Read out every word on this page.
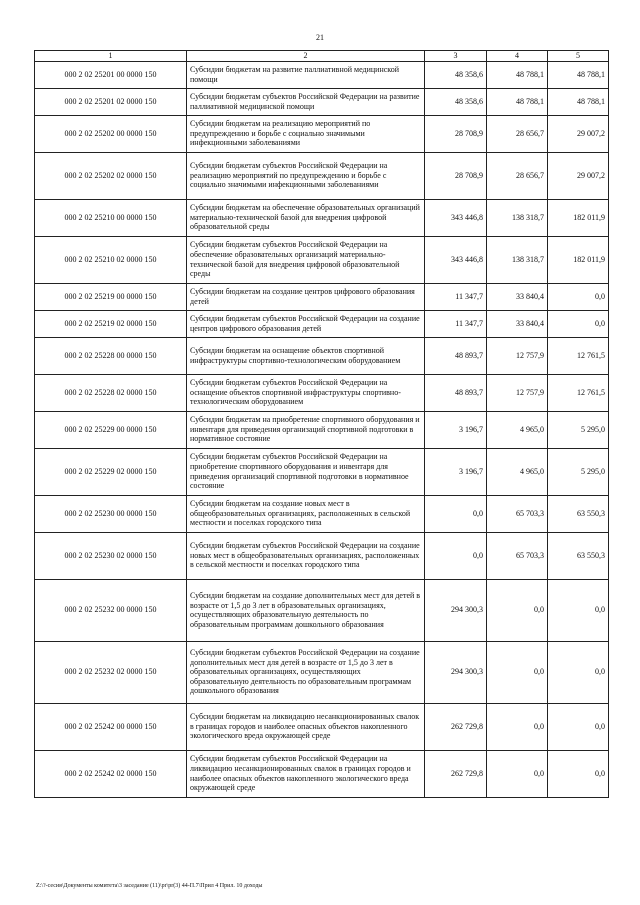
21
1	2	3	4	5
000 2 02 25201 00 0000 150	Субсидии бюджетам на развитие паллиативной медицинской помощи	48 358,6	48 788,1	48 788,1
000 2 02 25201 02 0000 150	Субсидии бюджетам субъектов Российской Федерации на развитие паллиативной медицинской помощи	48 358,6	48 788,1	48 788,1
000 2 02 25202 00 0000 150	Субсидии бюджетам на реализацию мероприятий по предупреждению и борьбе с социально значимыми инфекционными заболеваниями	28 708,9	28 656,7	29 007,2
000 2 02 25202 02 0000 150	Субсидии бюджетам субъектов Российской Федерации на реализацию мероприятий по предупреждению и борьбе с социально значимыми инфекционными заболеваниями	28 708,9	28 656,7	29 007,2
000 2 02 25210 00 0000 150	Субсидии бюджетам на обеспечение образовательных организаций материально-технической базой для внедрения цифровой образовательной среды	343 446,8	138 318,7	182 011,9
000 2 02 25210 02 0000 150	Субсидии бюджетам субъектов Российской Федерации на обеспечение образовательных организаций материально-технической базой для внедрения цифровой образовательной среды	343 446,8	138 318,7	182 011,9
000 2 02 25219 00 0000 150	Субсидии бюджетам на создание центров цифрового образования детей	11 347,7	33 840,4	0,0
000 2 02 25219 02 0000 150	Субсидии бюджетам субъектов Российской Федерации на создание центров цифрового образования детей	11 347,7	33 840,4	0,0
000 2 02 25228 00 0000 150	Субсидии бюджетам на оснащение объектов спортивной инфраструктуры спортивно-технологическим оборудованием	48 893,7	12 757,9	12 761,5
000 2 02 25228 02 0000 150	Субсидии бюджетам субъектов Российской Федерации на оснащение объектов спортивной инфраструктуры спортивно-технологическим оборудованием	48 893,7	12 757,9	12 761,5
000 2 02 25229 00 0000 150	Субсидии бюджетам на приобретение спортивного оборудования и инвентаря для приведения организаций спортивной подготовки в нормативное состояние	3 196,7	4 965,0	5 295,0
000 2 02 25229 02 0000 150	Субсидии бюджетам субъектов Российской Федерации на приобретение спортивного оборудования и инвентаря для приведения организаций спортивной подготовки в нормативное состояние	3 196,7	4 965,0	5 295,0
000 2 02 25230 00 0000 150	Субсидии бюджетам на создание новых мест в общеобразовательных организациях, расположенных в сельской местности и поселках городского типа	0,0	65 703,3	63 550,3
000 2 02 25230 02 0000 150	Субсидии бюджетам субъектов Российской Федерации на создание новых мест в общеобразовательных организациях, расположенных в сельской местности и поселках городского типа	0,0	65 703,3	63 550,3
000 2 02 25232 00 0000 150	Субсидии бюджетам на создание дополнительных мест для детей в возрасте от 1,5 до 3 лет в образовательных организациях, осуществляющих образовательную деятельность по образовательным программам дошкольного образования	294 300,3	0,0	0,0
000 2 02 25232 02 0000 150	Субсидии бюджетам субъектов Российской Федерации на создание дополнительных мест для детей в возрасте от 1,5 до 3 лет в образовательных организациях, осуществляющих образовательную деятельность по образовательным программам дошкольного образования	294 300,3	0,0	0,0
000 2 02 25242 00 0000 150	Субсидии бюджетам на ликвидацию несанкционированных свалок в границах городов и наиболее опасных объектов накопленного экологического вреда окружающей среде	262 729,8	0,0	0,0
000 2 02 25242 02 0000 150	Субсидии бюджетам субъектов Российской Федерации на ликвидацию несанкционированных свалок в границах городов и наиболее опасных объектов накопленного экологического вреда окружающей среде	262 729,8	0,0	0,0
Z:\?-сесия\Документы комитета\3 заседание (11)\pr\pr(3) 44-П.7\Прил 4 Прил. 10 доходы
